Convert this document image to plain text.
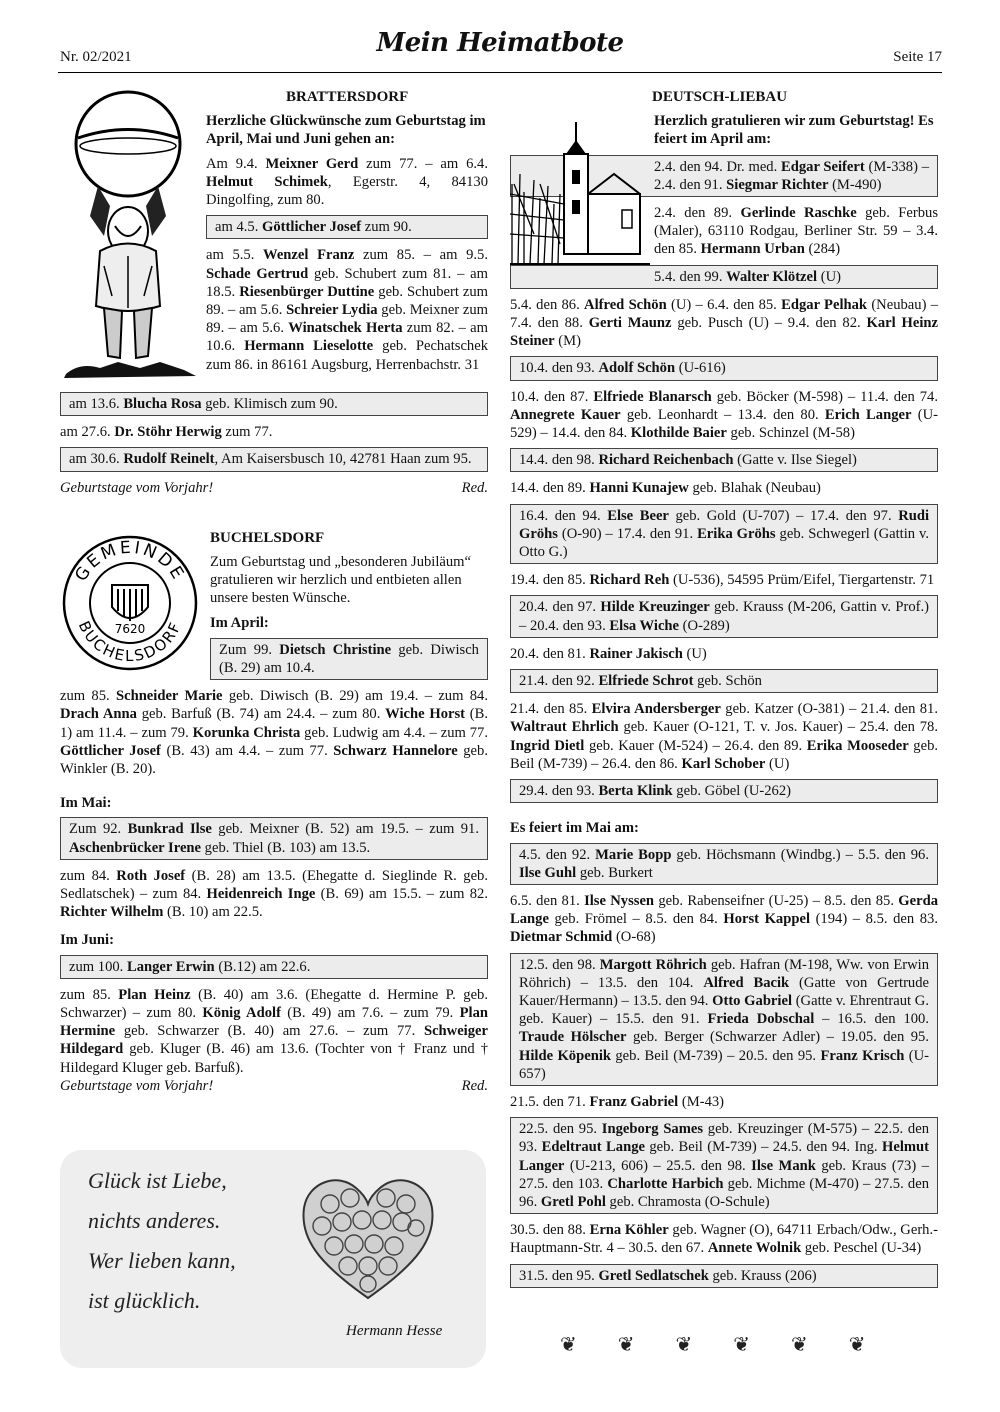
Nr. 02/2021	Mein Heimatbote	Seite 17
BRATTERSDORF

Herzliche Glückwünsche zum Geburtstag im April, Mai und Juni gehen an:

Am 9.4. Meixner Gerd zum 77. – am 6.4. Helmut Schimek, Egerstr. 4, 84130 Dingolfing, zum 80.

am 4.5. Göttlicher Josef zum 90.

am 5.5. Wenzel Franz zum 85. – am 9.5. Schade Gertrud geb. Schubert zum 81. – am 18.5. Riesenbürger Duttine geb. Schubert zum 89. – am 5.6. Schreier Lydia geb. Meixner zum 89. – am 5.6. Winatschek Herta zum 82. – am 10.6. Hermann Lieselotte geb. Pechatschek zum 86. in 86161 Augsburg, Herrenbachstr. 31

am 13.6. Blucha Rosa geb. Klimisch zum 90.

am 27.6. Dr. Stöhr Herwig zum 77.

am 30.6. Rudolf Reinelt, Am Kaisersbusch 10, 42781 Haan zum 95.
Geburtstage vom Vorjahr!	Red.
GEMEINDE
BUCHELSDORF
7620
BUCHELSDORF

Zum Geburtstag und „besonderen Jubiläum“ gratulieren wir herzlich und entbieten allen unsere besten Wünsche.

Im April:

Zum 99. Dietsch Christine geb. Diwisch (B. 29) am 10.4.

zum 85. Schneider Marie geb. Diwisch (B. 29) am 19.4. – zum 84. Drach Anna geb. Barfuß (B. 74) am 24.4. – zum 80. Wiche Horst (B. 1) am 11.4. – zum 79. Korunka Christa geb. Ludwig am 4.4. – zum 77. Göttlicher Josef (B. 43) am 4.4. – zum 77. Schwarz Hannelore geb. Winkler (B. 20).

Im Mai:

Zum 92. Bunkrad Ilse geb. Meixner (B. 52) am 19.5. – zum 91. Aschenbrücker Irene geb. Thiel (B. 103) am 13.5.

zum 84. Roth Josef (B. 28) am 13.5. (Ehegatte d. Sieglinde R. geb. Sedlatschek) – zum 84. Heidenreich Inge (B. 69) am 15.5. – zum 82. Richter Wilhelm (B. 10) am 22.5.

Im Juni:

zum 100. Langer Erwin (B.12) am 22.6.

zum 85. Plan Heinz (B. 40) am 3.6. (Ehegatte d. Hermine P. geb. Schwarzer) – zum 80. König Adolf (B. 49) am 7.6. – zum 79. Plan Hermine geb. Schwarzer (B. 40) am 27.6. – zum 77. Schweiger Hildegard geb. Kluger (B. 46) am 13.6. (Tochter von † Franz und † Hildegard Kluger geb. Barfuß).

Geburtstage vom Vorjahr!	Red.
Glück ist Liebe,
nichts anderes.
Wer lieben kann,
ist glücklich.
Hermann Hesse
DEUTSCH-LIEBAU

Herzlich gratulieren wir zum Geburtstag! Es feiert im April am:

2.4. den 94. Dr. med. Edgar Seifert (M-338) – 2.4. den 91. Siegmar Richter (M-490)

2.4. den 89. Gerlinde Raschke geb. Ferbus (Maler), 63110 Rodgau, Berliner Str. 59 – 3.4. den 85. Hermann Urban (284)

5.4. den 99. Walter Klötzel (U)

5.4. den 86. Alfred Schön (U) – 6.4. den 85. Edgar Pelhak (Neubau) – 7.4. den 88. Gerti Maunz geb. Pusch (U) – 9.4. den 82. Karl Heinz Steiner (M)

10.4. den 93. Adolf Schön (U-616)

10.4. den 87. Elfriede Blanarsch geb. Böcker (M-598) – 11.4. den 74. Annegrete Kauer geb. Leonhardt – 13.4. den 80. Erich Langer (U-529) – 14.4. den 84. Klothilde Baier geb. Schinzel (M-58)

14.4. den 98. Richard Reichenbach (Gatte v. Ilse Siegel)

14.4. den 89. Hanni Kunajew geb. Blahak (Neubau)

16.4. den 94. Else Beer geb. Gold (U-707) – 17.4. den 97. Rudi Gröhs (O-90) – 17.4. den 91. Erika Gröhs geb. Schwegerl (Gattin v. Otto G.)

19.4. den 85. Richard Reh (U-536), 54595 Prüm/Eifel, Tiergartenstr. 71

20.4. den 97. Hilde Kreuzinger geb. Krauss (M-206, Gattin v. Prof.) – 20.4. den 93. Elsa Wiche (O-289)

20.4. den 81. Rainer Jakisch (U)

21.4. den 92. Elfriede Schrot geb. Schön

21.4. den 85. Elvira Andersberger geb. Katzer (O-381) – 21.4. den 81. Waltraut Ehrlich geb. Kauer (O-121, T. v. Jos. Kauer) – 25.4. den 78. Ingrid Dietl geb. Kauer (M-524) – 26.4. den 89. Erika Mooseder geb. Beil (M-739) – 26.4. den 86. Karl Schober (U)

29.4. den 93. Berta Klink geb. Göbel (U-262)

Es feiert im Mai am:

4.5. den 92. Marie Bopp geb. Höchsmann (Windbg.) – 5.5. den 96. Ilse Guhl geb. Burkert

6.5. den 81. Ilse Nyssen geb. Rabenseifner (U-25) – 8.5. den 85. Gerda Lange geb. Frömel – 8.5. den 84. Horst Kappel (194) – 8.5. den 83. Dietmar Schmid (O-68)

12.5. den 98. Margott Röhrich geb. Hafran (M-198, Ww. von Erwin Röhrich) – 13.5. den 104. Alfred Bacik (Gatte von Gertrude Kauer/Hermann) – 13.5. den 94. Otto Gabriel (Gatte v. Ehrentraut G. geb. Kauer) – 15.5. den 91. Frieda Dobschal – 16.5. den 100. Traude Hölscher geb. Berger (Schwarzer Adler) – 19.05. den 95. Hilde Köpenik geb. Beil (M-739) – 20.5. den 95. Franz Krisch (U-657)

21.5. den 71. Franz Gabriel (M-43)

22.5. den 95. Ingeborg Sames geb. Kreuzinger (M-575) – 22.5. den 93. Edeltraut Lange geb. Beil (M-739) – 24.5. den 94. Ing. Helmut Langer (U-213, 606) – 25.5. den 98. Ilse Mank geb. Kraus (73) – 27.5. den 103. Charlotte Harbich geb. Michme (M-470) – 27.5. den 96. Gretl Pohl geb. Chramosta (O-Schule)

30.5. den 88. Erna Köhler geb. Wagner (O), 64711 Erbach/Odw., Gerh.-Hauptmann-Str. 4 – 30.5. den 67. Annete Wolnik geb. Peschel (U-34)

31.5. den 95. Gretl Sedlatschek geb. Krauss (206)
❦ ❦ ❦ ❦ ❦ ❦
